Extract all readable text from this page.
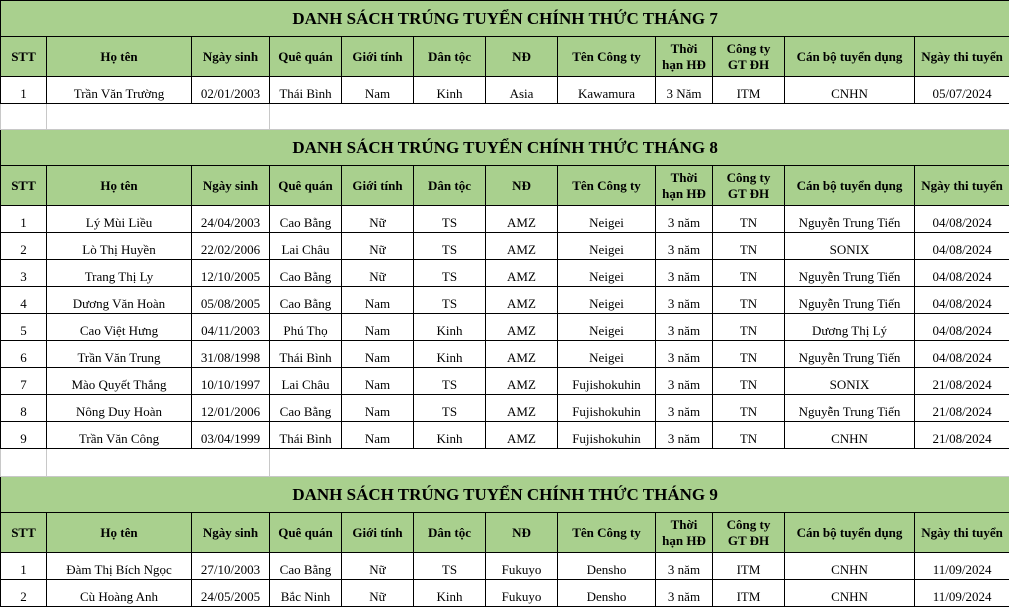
DANH SÁCH TRÚNG TUYỂN CHÍNH THỨC THÁNG 7											
STT	Họ tên	Ngày sinh	Quê quán	Giới tính	Dân tộc	NĐ	Tên Công ty	Thời hạn HĐ	Công ty GT ĐH	Cán bộ tuyển dụng	Ngày thi tuyển

1	Trần Văn Trường	02/01/2003	Thái Bình	Nam	Kinh	Asia	Kawamura	3 Năm	ITM	CNHN	05/07/2024

DANH SÁCH TRÚNG TUYỂN CHÍNH THỨC THÁNG 8											
STT	Họ tên	Ngày sinh	Quê quán	Giới tính	Dân tộc	NĐ	Tên Công ty	Thời hạn HĐ	Công ty GT ĐH	Cán bộ tuyển dụng	Ngày thi tuyển

1	Lý Mùi Liều	24/04/2003	Cao Bằng	Nữ	TS	AMZ	Neigei	3 năm	TN	Nguyễn Trung Tiến	04/08/2024

2	Lò Thị Huyền	22/02/2006	Lai Châu	Nữ	TS	AMZ	Neigei	3 năm	TN	SONIX	04/08/2024

3	Trang Thị Ly	12/10/2005	Cao Bằng	Nữ	TS	AMZ	Neigei	3 năm	TN	Nguyễn Trung Tiến	04/08/2024

4	Dương Văn Hoàn	05/08/2005	Cao Bằng	Nam	TS	AMZ	Neigei	3 năm	TN	Nguyễn Trung Tiến	04/08/2024

5	Cao Việt Hưng	04/11/2003	Phú Thọ	Nam	Kinh	AMZ	Neigei	3 năm	TN	Dương Thị Lý	04/08/2024

6	Trần Văn Trung	31/08/1998	Thái Bình	Nam	Kinh	AMZ	Neigei	3 năm	TN	Nguyễn Trung Tiến	04/08/2024

7	Mào Quyết Thắng	10/10/1997	Lai Châu	Nam	TS	AMZ	Fujishokuhin	3 năm	TN	SONIX	21/08/2024

8	Nông Duy Hoàn	12/01/2006	Cao Bằng	Nam	TS	AMZ	Fujishokuhin	3 năm	TN	Nguyễn Trung Tiến	21/08/2024

9	Trần Văn Công	03/04/1999	Thái Bình	Nam	Kinh	AMZ	Fujishokuhin	3 năm	TN	CNHN	21/08/2024

DANH SÁCH TRÚNG TUYỂN CHÍNH THỨC THÁNG 9											
STT	Họ tên	Ngày sinh	Quê quán	Giới tính	Dân tộc	NĐ	Tên Công ty	Thời hạn HĐ	Công ty GT ĐH	Cán bộ tuyển dụng	Ngày thi tuyển

1	Đàm Thị Bích Ngọc	27/10/2003	Cao Bằng	Nữ	TS	Fukuyo	Densho	3 năm	ITM	CNHN	11/09/2024

2	Cù Hoàng Anh	24/05/2005	Bắc Ninh	Nữ	Kinh	Fukuyo	Densho	3 năm	ITM	CNHN	11/09/2024
